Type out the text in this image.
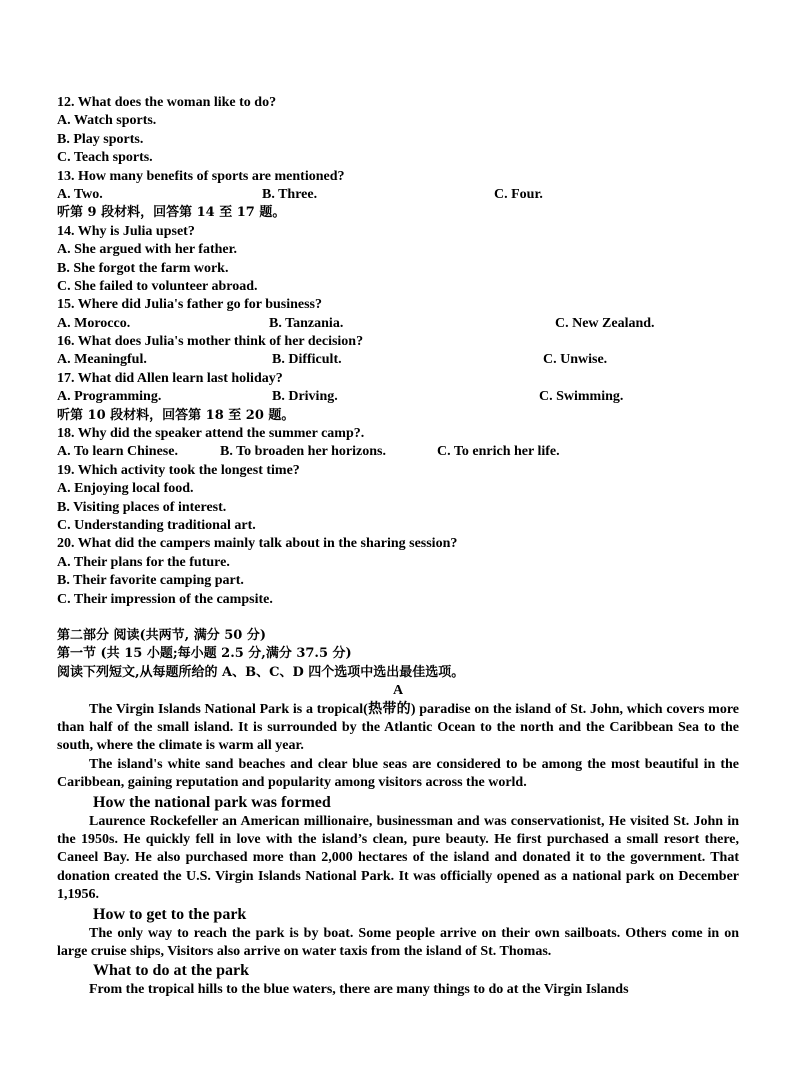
12. What does the woman like to do?
A. Watch sports.
B. Play sports.
C. Teach sports.
13. How many benefits of sports are mentioned?
A. Two.	B. Three.	C. Four.
听第 9 段材料，回答第 14 至 17 题。
14. Why is Julia upset?
A. She argued with her father.
B. She forgot the farm work.
C. She failed to volunteer abroad.
15. Where did Julia's father go for business?
A. Morocco.	B. Tanzania.	C. New Zealand.
16. What does Julia's mother think of her decision?
A. Meaningful.	B. Difficult.	C. Unwise.
17. What did Allen learn last holiday?
A. Programming.	B. Driving.	C. Swimming.
听第 10 段材料，回答第 18 至 20 题。
18. Why did the speaker attend the summer camp?.
A. To learn Chinese.	B. To broaden her horizons.	C. To enrich her life.
19. Which activity took the longest time?
A. Enjoying local food.
B. Visiting places of interest.
C. Understanding traditional art.
20. What did the campers mainly talk about in the sharing session?
A. Their plans for the future.
B. Their favorite camping part.
C. Their impression of the campsite.
第二部分 阅读(共两节, 满分 50 分)
第一节 (共 15 小题;每小题 2.5 分,满分 37.5 分)
阅读下列短文,从每题所给的 A、B、C、D 四个选项中选出最佳选项。
A
The Virgin Islands National Park is a tropical(热带的) paradise on the island of St. John, which covers more than half of the small island. It is surrounded by the Atlantic Ocean to the north and the Caribbean Sea to the south, where the climate is warm all year.
The island's white sand beaches and clear blue seas are considered to be among the most beautiful in the Caribbean, gaining reputation and popularity among visitors across the world.
How the national park was formed
Laurence Rockefeller an American millionaire, businessman and was conservationist, He visited St. John in the 1950s. He quickly fell in love with the island’s clean, pure beauty. He first purchased a small resort there, Caneel Bay. He also purchased more than 2,000 hectares of the island and donated it to the government. That donation created the U.S. Virgin Islands National Park. It was officially opened as a national park on December 1,1956.
How to get to the park
The only way to reach the park is by boat. Some people arrive on their own sailboats. Others come in on large cruise ships, Visitors also arrive on water taxis from the island of St. Thomas.
What to do at the park
From the tropical hills to the blue waters, there are many things to do at the Virgin Islands
